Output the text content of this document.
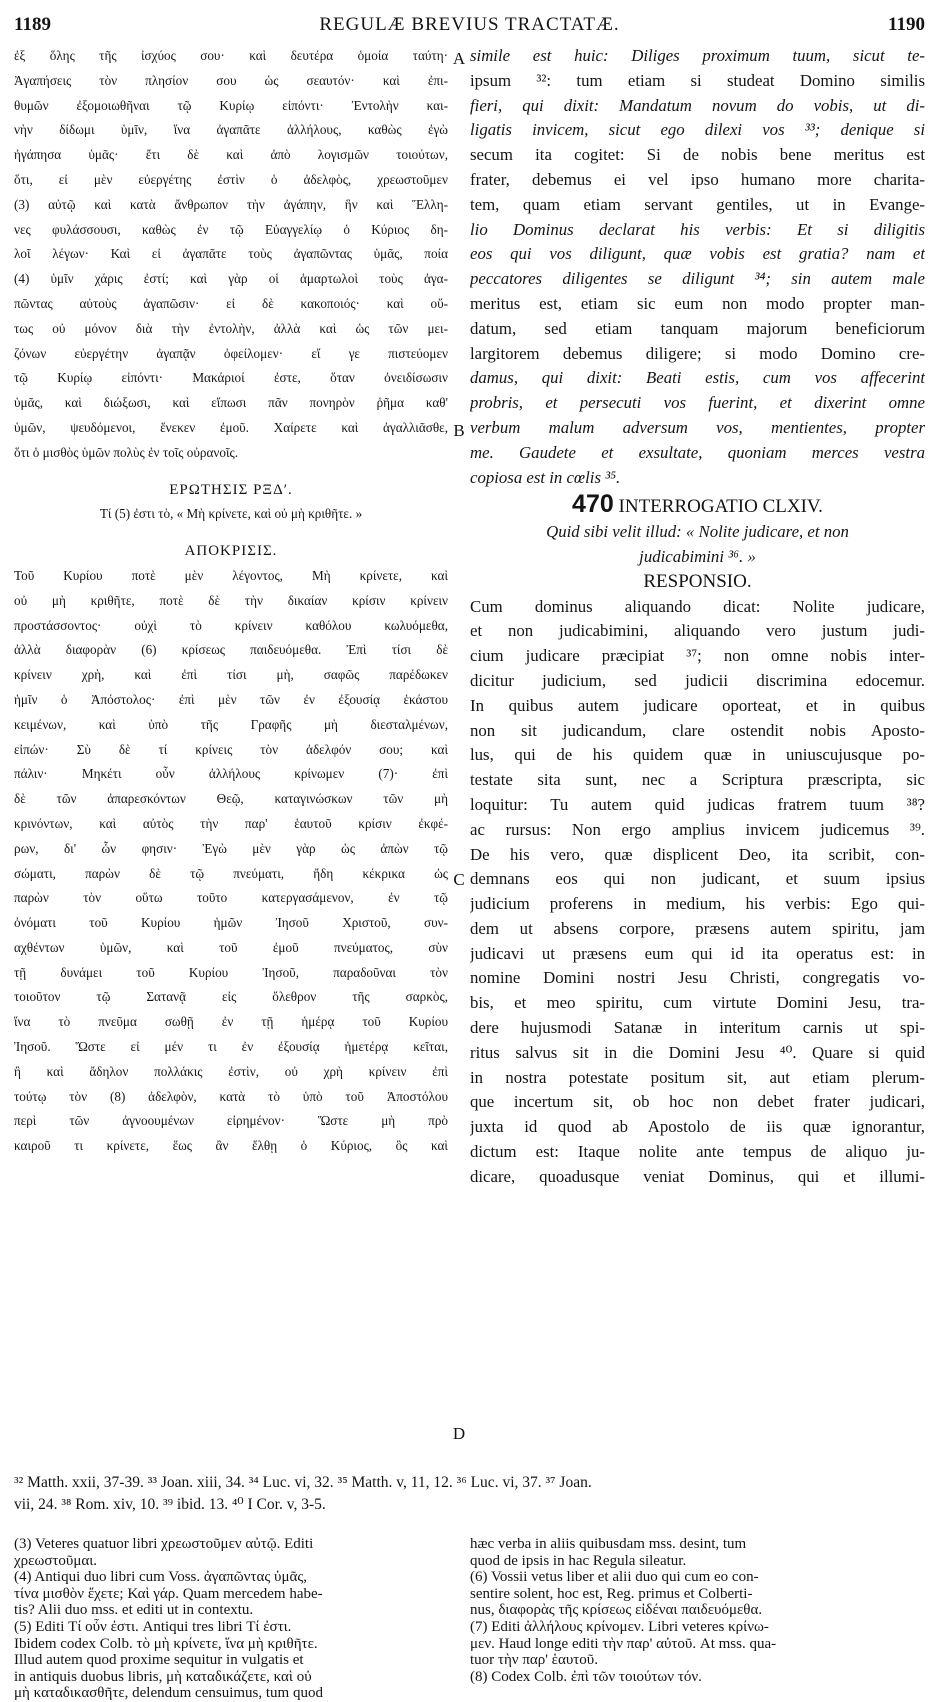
1189	REGULÆ BREVIUS TRACTATÆ.	1190
ἐξ ὅλης τῆς ἰσχύος σου· καὶ δευτέρα ὁμοία ταύτη·
Ἀγαπήσεις τὸν πλησίον σου ὡς σεαυτόν· καὶ ἐπι-
θυμῶν ἐξομοιωθῆναι τῷ Κυρίῳ εἰπόντι· Ἐντολὴν και-
νὴν δίδωμι ὑμῖν, ἵνα ἀγαπᾶτε ἀλλήλους, καθὼς ἐγὼ
ἠγάπησα ὑμᾶς· ἔτι δὲ καὶ ἀπὸ λογισμῶν τοιούτων,
ὅτι, εἰ μὲν εὐεργέτης ἐστὶν ὁ ἀδελφὸς, χρεωστοῦμεν
(3) αὐτῷ καὶ κατὰ ἄνθρωπον τὴν ἀγάπην, ἣν καὶ Ἕλλη-
νες φυλάσσουσι, καθὼς ἐν τῷ Εὐαγγελίῳ ὁ Κύριος δη-
λοῖ λέγων· Καὶ εἰ ἀγαπᾶτε τοὺς ἀγαπῶντας ὑμᾶς, ποία
(4) ὑμῖν χάρις ἐστί; καὶ γὰρ οἱ ἁμαρτωλοὶ τοὺς ἀγα-
πῶντας αὐτοὺς ἀγαπῶσιν· εἰ δὲ κακοποιός· καὶ οὕ-
τως οὐ μόνον διὰ τὴν ἐντολὴν, ἀλλὰ καὶ ὡς τῶν μει-
ζόνων εὐεργέτην ἀγαπᾷν ὀφείλομεν· εἴ γε πιστεύομεν
τῷ Κυρίῳ εἰπόντι· Μακάριοί ἐστε, ὅταν ὀνειδίσωσιν
ὑμᾶς, καὶ διώξωσι, καὶ εἴπωσι πᾶν πονηρὸν ῥῆμα καθ'
ὑμῶν, ψευδόμενοι, ἕνεκεν ἐμοῦ. Χαίρετε καὶ ἀγαλλιᾶσθε,
ὅτι ὁ μισθὸς ὑμῶν πολὺς ἐν τοῖς οὐρανοῖς.
ΕΡΩΤΗΣΙΣ ΡΞΔʹ.
Τί (5) ἐστι τὸ, « Μὴ κρίνετε, καὶ οὐ μὴ κριθῆτε. »
ΑΠΟΚΡΙΣΙΣ.
Τοῦ Κυρίου ποτὲ μὲν λέγοντος, Μὴ κρίνετε, καὶ
οὐ μὴ κριθῆτε, ποτὲ δὲ τὴν δικαίαν κρίσιν κρίνειν
προστάσσοντος· οὐχὶ τὸ κρίνειν καθόλου κωλυόμεθα,
ἀλλὰ διαφορὰν (6) κρίσεως παιδευόμεθα. Ἐπὶ τίσι δὲ
κρίνειν χρὴ, καὶ ἐπὶ τίσι μὴ, σαφῶς παρέδωκεν
ἡμῖν ὁ Ἀπόστολος· ἐπὶ μὲν τῶν ἐν ἐξουσίᾳ ἑκάστου
κειμένων, καὶ ὑπὸ τῆς Γραφῆς μὴ διεσταλμένων,
εἰπών· Σὺ δὲ τί κρίνεις τὸν ἀδελφόν σου; καὶ
πάλιν· Μηκέτι οὖν ἀλλήλους κρίνωμεν (7)· ἐπὶ
δὲ τῶν ἀπαρεσκόντων Θεῷ, καταγινώσκων τῶν μὴ
κρινόντων, καὶ αὐτὸς τὴν παρ' ἑαυτοῦ κρίσιν ἐκφέ-
ρων, δι' ὧν φησιν· Ἐγὼ μὲν γὰρ ὡς ἀπὼν τῷ
σώματι, παρὼν δὲ τῷ πνεύματι, ἤδη κέκρικα ὡς
παρὼν τὸν οὕτω τοῦτο κατεργασάμενον, ἐν τῷ
ὀνόματι τοῦ Κυρίου ἡμῶν Ἰησοῦ Χριστοῦ, συν-
αχθέντων ὑμῶν, καὶ τοῦ ἐμοῦ πνεύματος, σὺν
τῇ δυνάμει τοῦ Κυρίου Ἰησοῦ, παραδοῦναι τὸν
τοιοῦτον τῷ Σατανᾷ εἰς ὄλεθρον τῆς σαρκὸς,
ἵνα τὸ πνεῦμα σωθῇ ἐν τῇ ἡμέρᾳ τοῦ Κυρίου
Ἰησοῦ. Ὥστε εἰ μέν τι ἐν ἐξουσίᾳ ἡμετέρᾳ κεῖται,
ἢ καὶ ἄδηλον πολλάκις ἐστὶν, οὐ χρὴ κρίνειν ἐπὶ
τούτῳ τὸν (8) ἀδελφὸν, κατὰ τὸ ὑπὸ τοῦ Ἀποστόλου
περὶ τῶν ἀγνοουμένων εἰρημένον· Ὥστε μὴ πρὸ
καιροῦ τι κρίνετε, ἕως ἂν ἔλθῃ ὁ Κύριος, ὃς καὶ
simile est huic: Diliges proximum tuum, sicut te-
ipsum ³²: tum etiam si studeat Domino similis
fieri, qui dixit: Mandatum novum do vobis, ut di-
ligatis invicem, sicut ego dilexi vos ³³; denique si
secum ita cogitet: Si de nobis bene meritus est
frater, debemus ei vel ipso humano more charita-
tem, quam etiam servant gentiles, ut in Evange-
lio Dominus declarat his verbis: Et si diligitis
eos qui vos diligunt, quæ vobis est gratia? nam et
peccatores diligentes se diligunt ³⁴; sin autem male
meritus est, etiam sic eum non modo propter man-
datum, sed etiam tanquam majorum beneficiorum
largitorem debemus diligere; si modo Domino cre-
damus, qui dixit: Beati estis, cum vos affecerint
probris, et persecuti vos fuerint, et dixerint omne
verbum malum adversum vos, mentientes, propter
me. Gaudete et exsultate, quoniam merces vestra
copiosa est in cœlis ³⁵.
470 INTERROGATIO CLXIV.
Quid sibi velit illud: « Nolite judicare, et non
judicabimini ³⁶. »
RESPONSIO.
Cum dominus aliquando dicat: Nolite judicare,
et non judicabimini, aliquando vero justum judi-
cium judicare præcipiat ³⁷; non omne nobis inter-
dicitur judicium, sed judicii discrimina edocemur.
In quibus autem judicare oporteat, et in quibus
non sit judicandum, clare ostendit nobis Aposto-
lus, qui de his quidem quæ in uniuscujusque po-
testate sita sunt, nec a Scriptura præscripta, sic
loquitur: Tu autem quid judicas fratrem tuum ³⁸?
ac rursus: Non ergo amplius invicem judicemus ³⁹.
De his vero, quæ displicent Deo, ita scribit, con-
demnans eos qui non judicant, et suum ipsius
judicium proferens in medium, his verbis: Ego qui-
dem ut absens corpore, præsens autem spiritu, jam
judicavi ut præsens eum qui id ita operatus est: in
nomine Domini nostri Jesu Christi, congregatis vo-
bis, et meo spiritu, cum virtute Domini Jesu, tra-
dere hujusmodi Satanæ in interitum carnis ut spi-
ritus salvus sit in die Domini Jesu ⁴⁰. Quare si quid
in nostra potestate positum sit, aut etiam plerum-
que incertum sit, ob hoc non debet frater judicari,
juxta id quod ab Apostolo de iis quæ ignorantur,
dictum est: Itaque nolite ante tempus de aliquo ju-
dicare, quoadusque veniat Dominus, qui et illumi-
A
B
C
D
³² Matth. xxii, 37-39. ³³ Joan. xiii, 34. ³⁴ Luc. vi, 32. ³⁵ Matth. v, 11, 12. ³⁶ Luc. vi, 37. ³⁷ Joan.
vii, 24. ³⁸ Rom. xiv, 10. ³⁹ ibid. 13. ⁴⁰ I Cor. v, 3-5.
(3) Veteres quatuor libri χρεωστοῦμεν αὐτῷ. Editi
χρεωστοῦμαι.
(4) Antiqui duo libri cum Voss. ἀγαπῶντας ὑμᾶς,
τίνα μισθὸν ἔχετε; Καὶ γάρ. Quam mercedem habe-
tis? Alii duo mss. et editi ut in contextu.
(5) Editi Τί οὖν ἐστι. Antiqui tres libri Τί ἐστι.
Ibidem codex Colb. τὸ μὴ κρίνετε, ἵνα μὴ κριθῆτε.
Illud autem quod proxime sequitur in vulgatis et
in antiquis duobus libris, μὴ καταδικάζετε, καὶ οὐ
μὴ καταδικασθῆτε, delendum censuimus, tum quod
hæc verba in aliis quibusdam mss. desint, tum
quod de ipsis in hac Regula sileatur.
(6) Vossii vetus liber et alii duo qui cum eo con-
sentire solent, hoc est, Reg. primus et Colberti-
nus, διαφορὰς τῆς κρίσεως εἰδέναι παιδευόμεθα.
(7) Editi ἀλλήλους κρίνομεν. Libri veteres κρίνω-
μεν. Haud longe editi τὴν παρ' αὐτοῦ. At mss. qua-
tuor τὴν παρ' ἑαυτοῦ.
(8) Codex Colb. ἐπὶ τῶν τοιούτων τόν.
